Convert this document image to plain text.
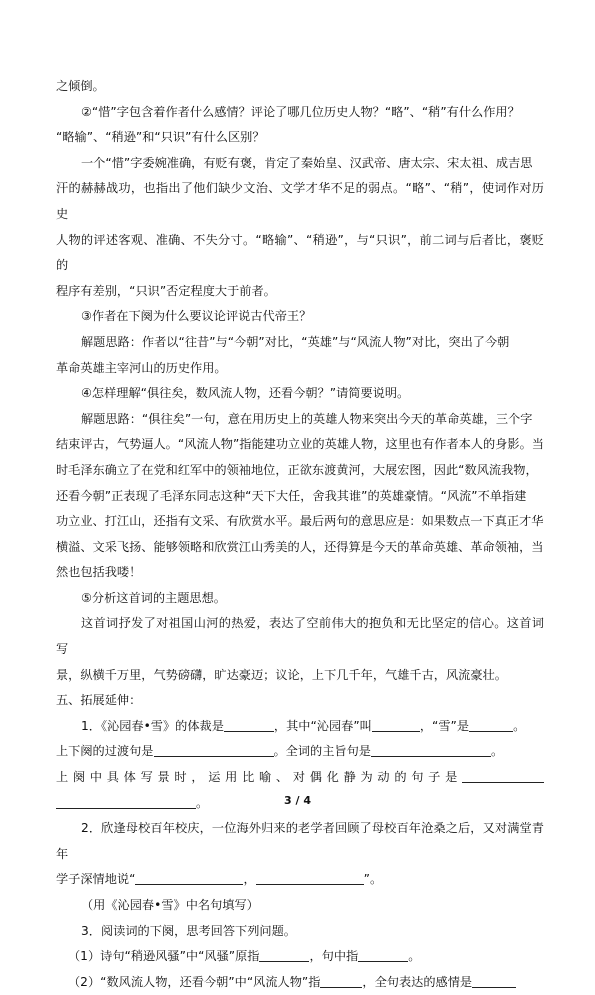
之倾倒。

②“惜”字包含着作者什么感情？评论了哪几位历史人物？“略”、“稍”有什么作用？

“略输”、“稍逊”和“只识”有什么区别？

一个“惜”字委婉准确，有贬有褒，肯定了秦始皇、汉武帝、唐太宗、宋太祖、成吉思

汗的赫赫战功，也指出了他们缺少文治、文学才华不足的弱点。“略”、“稍”，使词作对历史

人物的评述客观、准确、不失分寸。“略输”、“稍逊”，与“只识”，前二词与后者比，褒贬的

程序有差别，“只识”否定程度大于前者。

③作者在下阕为什么要议论评说古代帝王？

解题思路：作者以“往昔”与“今朝”对比，“英雄”与“风流人物”对比，突出了今朝

革命英雄主宰河山的历史作用。

④怎样理解“俱往矣，数风流人物，还看今朝？”请简要说明。

解题思路：“俱往矣”一句，意在用历史上的英雄人物来突出今天的革命英雄，三个字

结束评古，气势逼人。“风流人物”指能建功立业的英雄人物，这里也有作者本人的身影。当

时毛泽东确立了在党和红军中的领袖地位，正欲东渡黄河，大展宏图，因此“数风流我物，

还看今朝”正表现了毛泽东同志这种“天下大任，舍我其谁”的英雄豪情。“风流”不单指建

功立业、打江山，还指有文采、有欣赏水平。最后两句的意思应是：如果数点一下真正才华

横溢、文采飞扬、能够领略和欣赏江山秀美的人，还得算是今天的革命英雄、革命领袖，当

然也包括我喽！

⑤分析这首词的主题思想。

这首词抒发了对祖国山河的热爱，表达了空前伟大的抱负和无比坚定的信心。这首词写

景，纵横千万里，气势磅礴，旷达豪迈；议论，上下几千年，气雄千古，风流豪壮。

五、拓展延伸：

1．《沁园春•雪》的体裁是	，其中“沁园春”叫	，“雪”是	。

上下阕的过渡句是	。全词的主旨句是	。

上阕中具体写景时，运用比喻、对偶化静为动的句子是 。

2．欣逢母校百年校庆，一位海外归来的老学者回顾了母校百年沧桑之后，又对满堂青年

学子深情地说“	，	”。

（用《沁园春•雪》中名句填写）

3．阅读词的下阕，思考回答下列问题。

（1）诗句“稍逊风骚”中“风骚”原指	，句中指	。

（2）“数风流人物，还看今朝”中“风流人物”指	，全句表达的感情是

3 / 4
